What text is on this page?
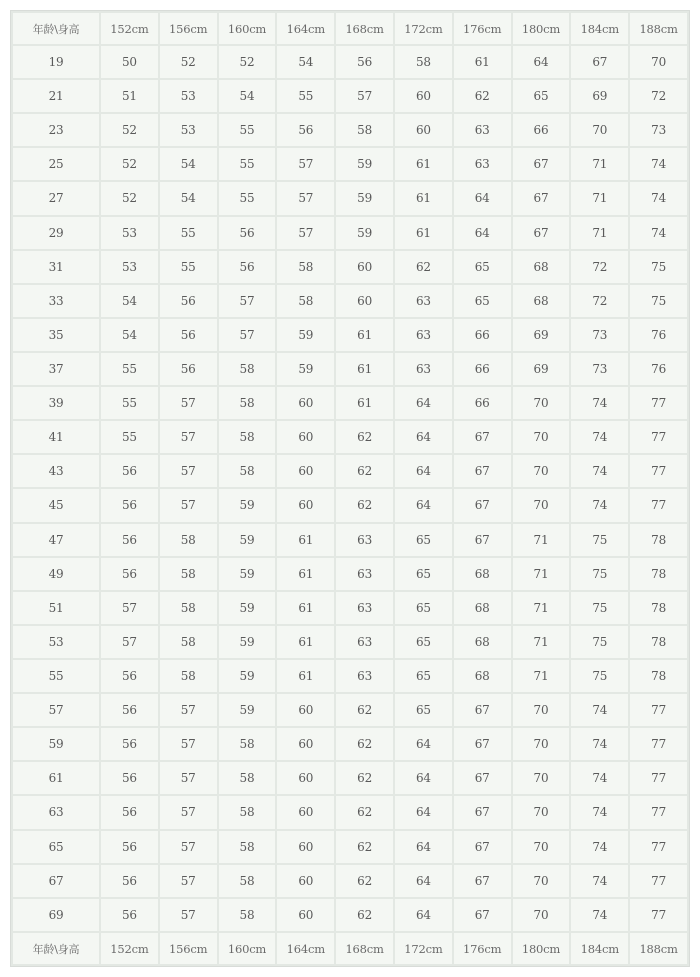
年龄\身高	152cm	156cm	160cm	164cm	168cm	172cm	176cm	180cm	184cm	188cm
19	50	52	52	54	56	58	61	64	67	70
21	51	53	54	55	57	60	62	65	69	72
23	52	53	55	56	58	60	63	66	70	73
25	52	54	55	57	59	61	63	67	71	74
27	52	54	55	57	59	61	64	67	71	74
29	53	55	56	57	59	61	64	67	71	74
31	53	55	56	58	60	62	65	68	72	75
33	54	56	57	58	60	63	65	68	72	75
35	54	56	57	59	61	63	66	69	73	76
37	55	56	58	59	61	63	66	69	73	76
39	55	57	58	60	61	64	66	70	74	77
41	55	57	58	60	62	64	67	70	74	77
43	56	57	58	60	62	64	67	70	74	77
45	56	57	59	60	62	64	67	70	74	77
47	56	58	59	61	63	65	67	71	75	78
49	56	58	59	61	63	65	68	71	75	78
51	57	58	59	61	63	65	68	71	75	78
53	57	58	59	61	63	65	68	71	75	78
55	56	58	59	61	63	65	68	71	75	78
57	56	57	59	60	62	65	67	70	74	77
59	56	57	58	60	62	64	67	70	74	77
61	56	57	58	60	62	64	67	70	74	77
63	56	57	58	60	62	64	67	70	74	77
65	56	57	58	60	62	64	67	70	74	77
67	56	57	58	60	62	64	67	70	74	77
69	56	57	58	60	62	64	67	70	74	77
年龄\身高	152cm	156cm	160cm	164cm	168cm	172cm	176cm	180cm	184cm	188cm
